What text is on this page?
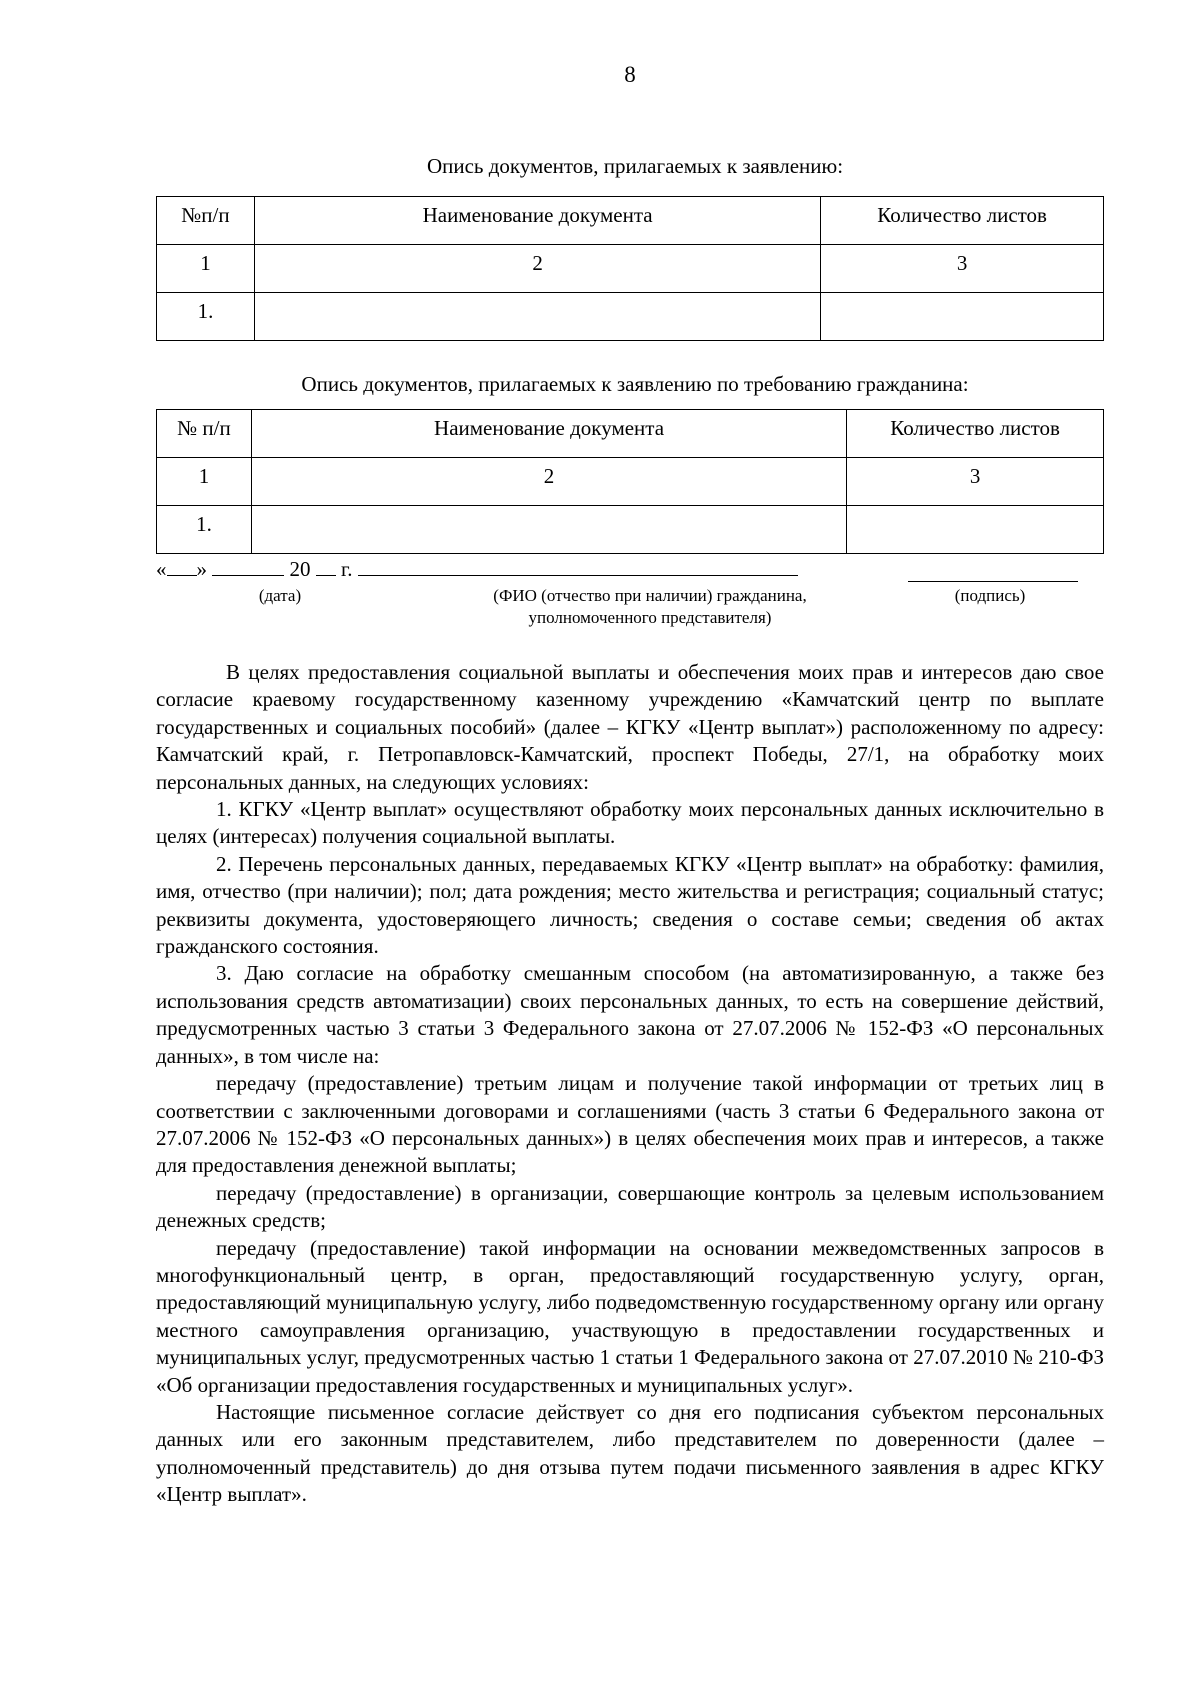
8
Опись документов, прилагаемых к заявлению:
№п/п	Наименование документа	Количество листов

1	2	3

1.		

Опись документов, прилагаемых к заявлению по требованию гражданина:
№ п/п	Наименование документа	Количество листов

1	2	3

1.		

« »	20 г.
(дата)	(ФИО (отчество при наличии) гражданина, уполномоченного представителя)
(подпись)

В целях предоставления социальной выплаты и обеспечения моих прав и интересов даю свое согласие краевому государственному казенному учреждению «Камчатский центр по выплате государственных и социальных пособий» (далее – КГКУ «Центр выплат») расположенному по адресу: Камчатский край, г. Петропавловск-Камчатский, проспект Победы, 27/1, на обработку моих персональных данных, на следующих условиях:

1. КГКУ «Центр выплат» осуществляют обработку моих персональных данных исключительно в целях (интересах) получения социальной выплаты.

2. Перечень персональных данных, передаваемых КГКУ «Центр выплат» на обработку: фамилия, имя, отчество (при наличии); пол; дата рождения; место жительства и регистрация; социальный статус; реквизиты документа, удостоверяющего личность; сведения о составе семьи; сведения об актах гражданского состояния.

3. Даю согласие на обработку смешанным способом (на автоматизированную, а также без использования средств автоматизации) своих персональных данных, то есть на совершение действий, предусмотренных частью 3 статьи 3 Федерального закона от 27.07.2006 № 152-ФЗ «О персональных данных», в том числе на:

передачу (предоставление) третьим лицам и получение такой информации от третьих лиц в соответствии с заключенными договорами и соглашениями (часть 3 статьи 6 Федерального закона от 27.07.2006 № 152-ФЗ «О персональных данных») в целях обеспечения моих прав и интересов, а также для предоставления денежной выплаты;

передачу (предоставление) в организации, совершающие контроль за целевым использованием денежных средств;

передачу (предоставление) такой информации на основании межведомственных запросов в многофункциональный центр, в орган, предоставляющий государственную услугу, орган, предоставляющий муниципальную услугу, либо подведомственную государственному органу или органу местного самоуправления организацию, участвующую в предоставлении государственных и муниципальных услуг, предусмотренных частью 1 статьи 1 Федерального закона от 27.07.2010 № 210-ФЗ «Об организации предоставления государственных и муниципальных услуг».

Настоящие письменное согласие действует со дня его подписания субъектом персональных данных или его законным представителем, либо представителем по доверенности (далее – уполномоченный представитель) до дня отзыва путем подачи письменного заявления в адрес КГКУ «Центр выплат».
